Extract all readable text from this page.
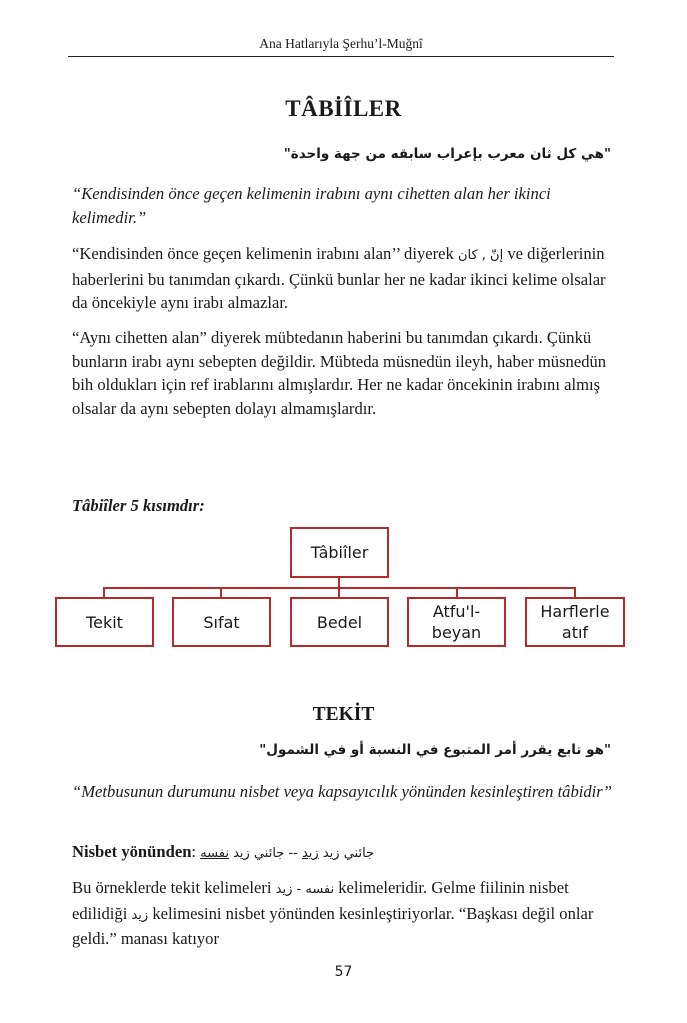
Ana Hatlarıyla Şerhu’l-Muğnî
TÂBİÎLER
"هي كل ثان معرب بإعراب سابقه من جهة واحدة"
“Kendisinden önce geçen kelimenin irabını aynı cihetten alan her ikinci kelimedir.”
“Kendisinden önce geçen kelimenin irabını alan’’ diyerek إنّ , كان ve diğerlerinin haberlerini bu tanımdan çıkardı. Çünkü bunlar her ne kadar ikinci kelime olsalar da öncekiyle aynı irabı almazlar.
“Aynı cihetten alan” diyerek mübtedanın haberini bu tanımdan çıkardı. Çünkü bunların irabı aynı sebepten değildir. Mübteda müsnedün ileyh, haber müsnedün bih oldukları için ref irablarını almışlardır. Her ne kadar öncekinin irabını almış olsalar da aynı sebepten dolayı almamışlardır.
Tâbiîler 5 kısımdır:
Tâbiîler
Tekit	Sıfat	Bedel
Atfu'l-
beyan
Harflerle
atıf
TEKİT
"هو تابع يقرر أمر المتبوع في النسبة أو في الشمول"
“Metbusunun durumunu nisbet veya kapsayıcılık yönünden kesinleştiren tâbidir”
Nisbet yönünden:	جائني زيد زيد -- جائني زيد نفسه
Bu örneklerde tekit kelimeleri نفسه - زيد kelimeleridir. Gelme fiilinin nisbet edilidiği زيد kelimesini nisbet yönünden kesinleştiriyorlar. “Başkası değil onlar geldi.” manası katıyor
57
